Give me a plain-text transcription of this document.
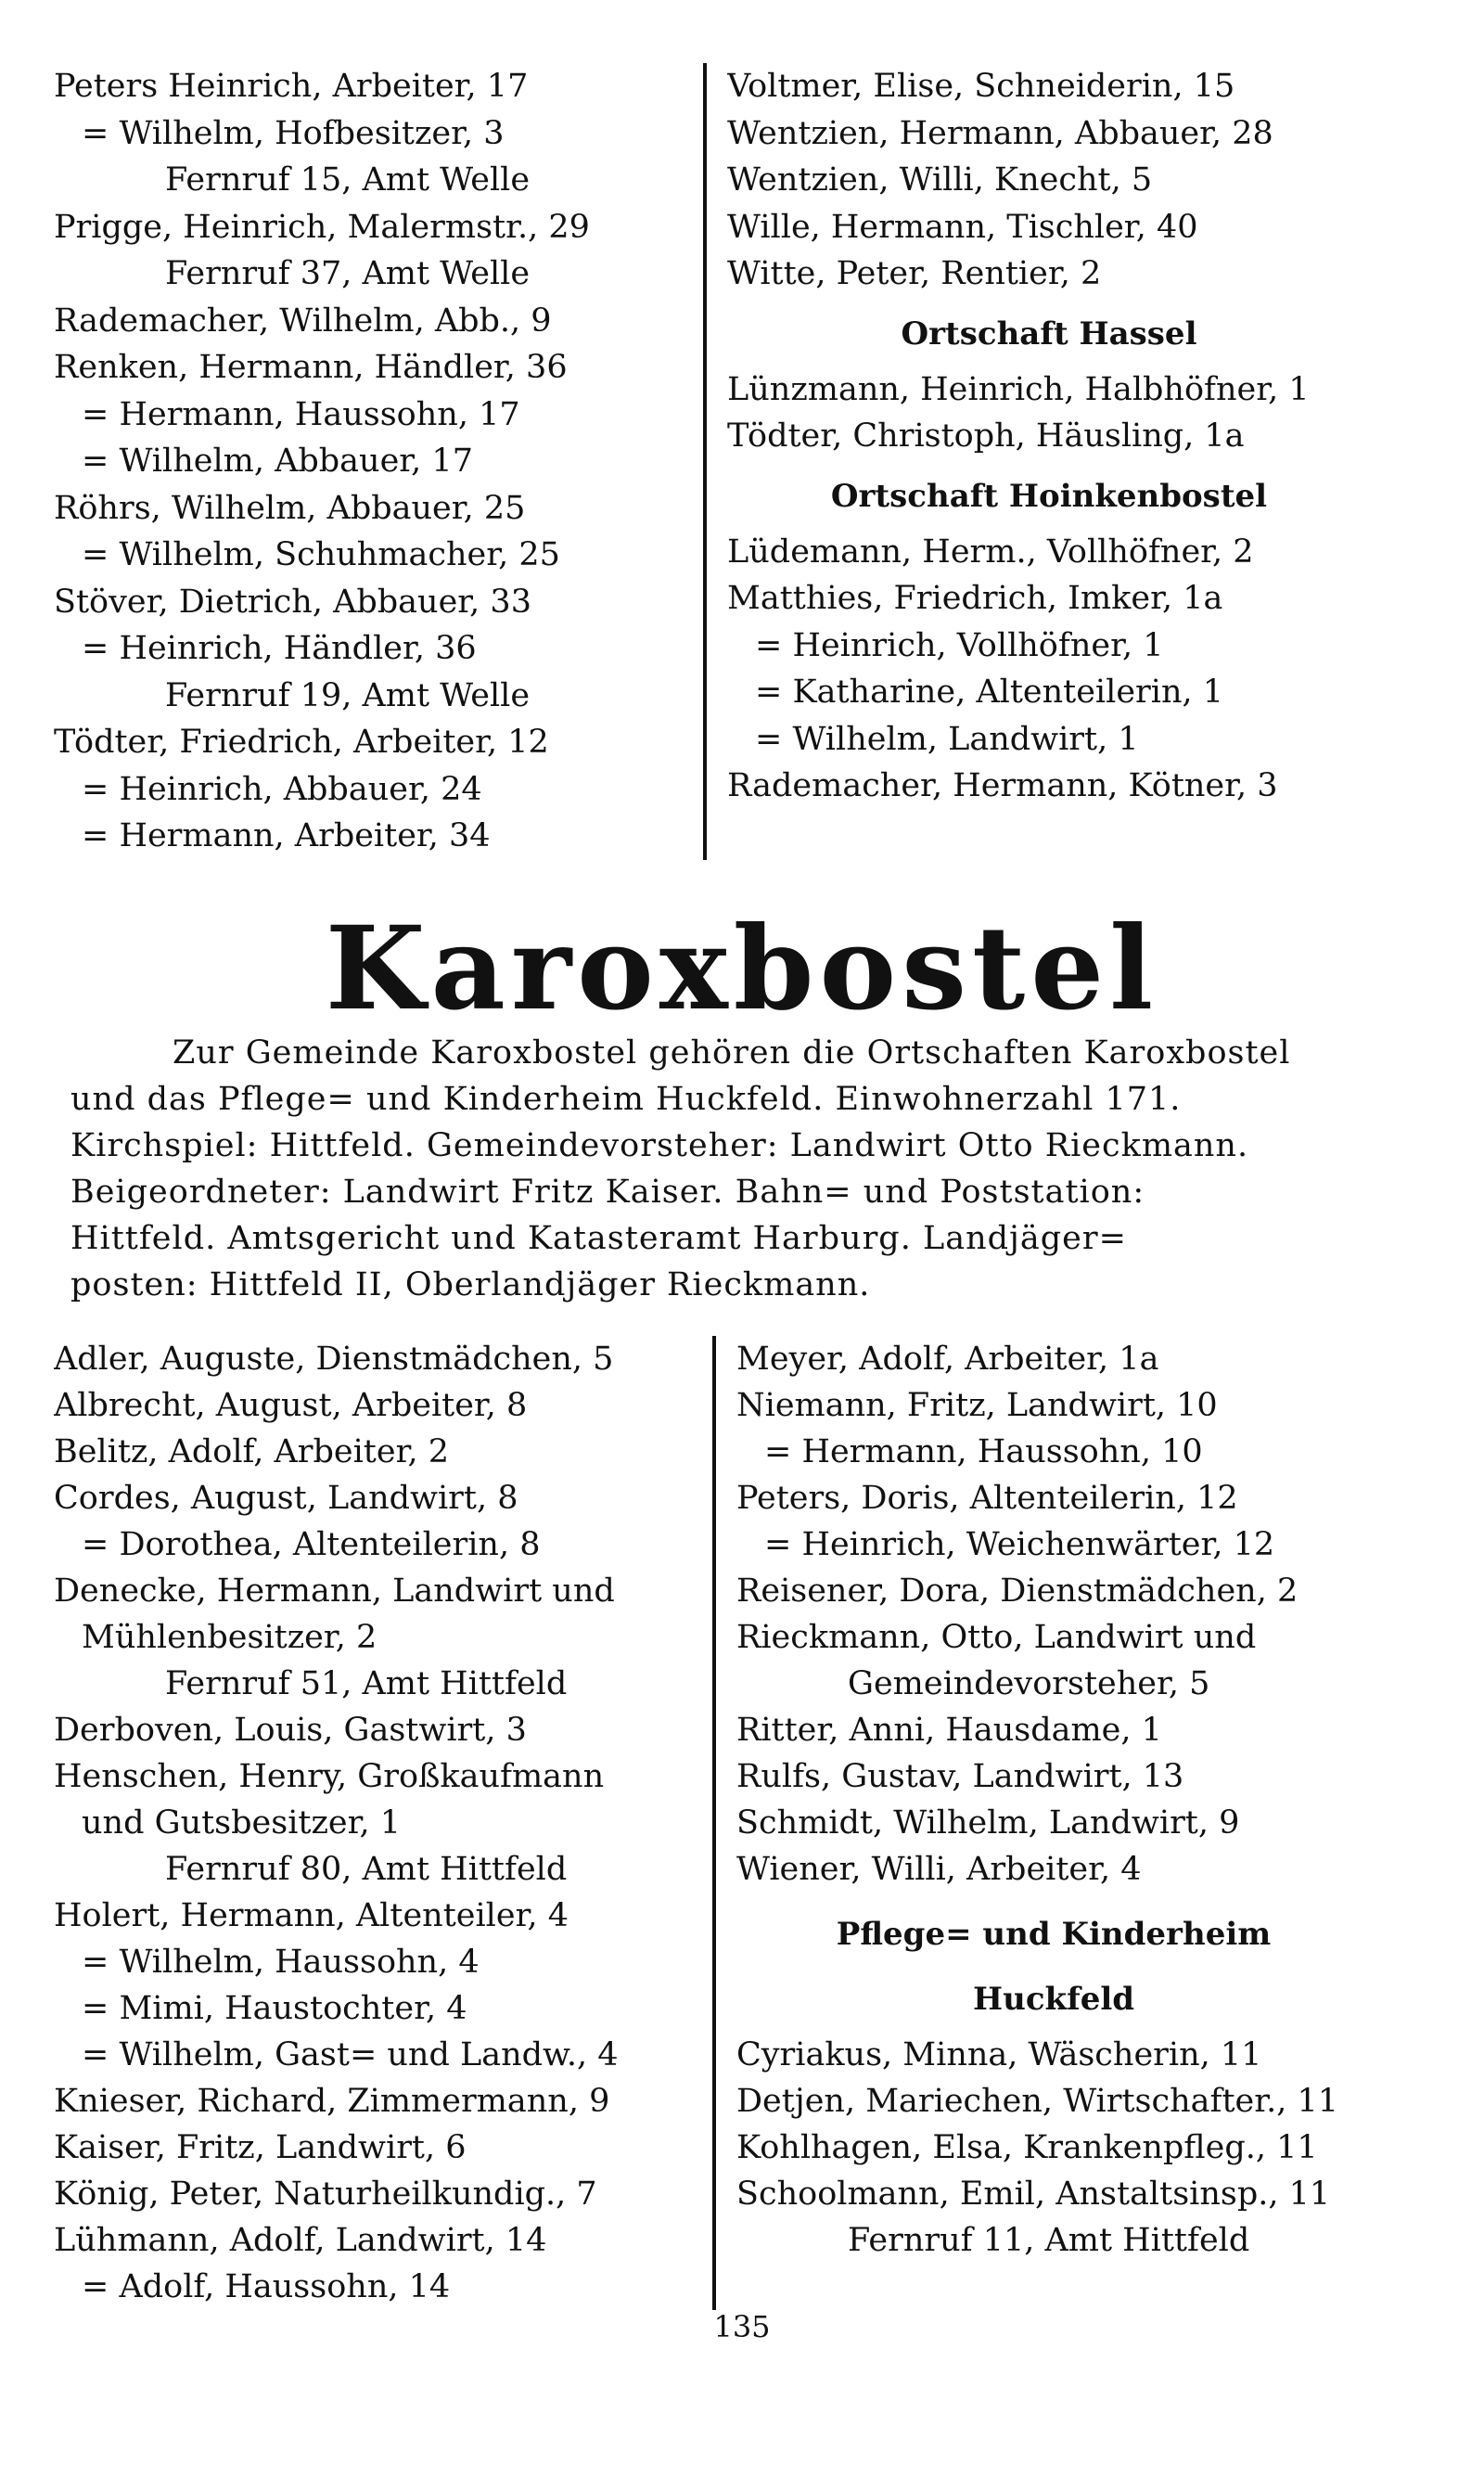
Peters Heinrich, Arbeiter, 17
= Wilhelm, Hofbesitzer, 3
Fernruf 15, Amt Welle
Prigge, Heinrich, Malermstr., 29
Fernruf 37, Amt Welle
Rademacher, Wilhelm, Abb., 9
Renken, Hermann, Händler, 36
= Hermann, Haussohn, 17
= Wilhelm, Abbauer, 17
Röhrs, Wilhelm, Abbauer, 25
= Wilhelm, Schuhmacher, 25
Stöver, Dietrich, Abbauer, 33
= Heinrich, Händler, 36
Fernruf 19, Amt Welle
Tödter, Friedrich, Arbeiter, 12
= Heinrich, Abbauer, 24
= Hermann, Arbeiter, 34
Voltmer, Elise, Schneiderin, 15
Wentzien, Hermann, Abbauer, 28
Wentzien, Willi, Knecht, 5
Wille, Hermann, Tischler, 40
Witte, Peter, Rentier, 2
Ortschaft Hassel
Lünzmann, Heinrich, Halbhöfner, 1
Tödter, Christoph, Häusling, 1a
Ortschaft Hoinkenbostel
Lüdemann, Herm., Vollhöfner, 2
Matthies, Friedrich, Imker, 1a
= Heinrich, Vollhöfner, 1
= Katharine, Altenteilerin, 1
= Wilhelm, Landwirt, 1
Rademacher, Hermann, Kötner, 3
Karoxbostel
Zur Gemeinde Karoxbostel gehören die Ortschaften Karoxbostel
und das Pflege= und Kinderheim Huckfeld. Einwohnerzahl 171.
Kirchspiel: Hittfeld. Gemeindevorsteher: Landwirt Otto Rieckmann.
Beigeordneter: Landwirt Fritz Kaiser. Bahn= und Poststation:
Hittfeld. Amtsgericht und Katasteramt Harburg. Landjäger=
posten: Hittfeld II, Oberlandjäger Rieckmann.
Adler, Auguste, Dienstmädchen, 5
Albrecht, August, Arbeiter, 8
Belitz, Adolf, Arbeiter, 2
Cordes, August, Landwirt, 8
= Dorothea, Altenteilerin, 8
Denecke, Hermann, Landwirt und
Mühlenbesitzer, 2
Fernruf 51, Amt Hittfeld
Derboven, Louis, Gastwirt, 3
Henschen, Henry, Großkaufmann
und Gutsbesitzer, 1
Fernruf 80, Amt Hittfeld
Holert, Hermann, Altenteiler, 4
= Wilhelm, Haussohn, 4
= Mimi, Haustochter, 4
= Wilhelm, Gast= und Landw., 4
Knieser, Richard, Zimmermann, 9
Kaiser, Fritz, Landwirt, 6
König, Peter, Naturheilkundig., 7
Lühmann, Adolf, Landwirt, 14
= Adolf, Haussohn, 14
Meyer, Adolf, Arbeiter, 1a
Niemann, Fritz, Landwirt, 10
= Hermann, Haussohn, 10
Peters, Doris, Altenteilerin, 12
= Heinrich, Weichenwärter, 12
Reisener, Dora, Dienstmädchen, 2
Rieckmann, Otto, Landwirt und
Gemeindevorsteher, 5
Ritter, Anni, Hausdame, 1
Rulfs, Gustav, Landwirt, 13
Schmidt, Wilhelm, Landwirt, 9
Wiener, Willi, Arbeiter, 4
Pflege= und Kinderheim
Huckfeld
Cyriakus, Minna, Wäscherin, 11
Detjen, Mariechen, Wirtschafter., 11
Kohlhagen, Elsa, Krankenpfleg., 11
Schoolmann, Emil, Anstaltsinsp., 11
Fernruf 11, Amt Hittfeld
135
